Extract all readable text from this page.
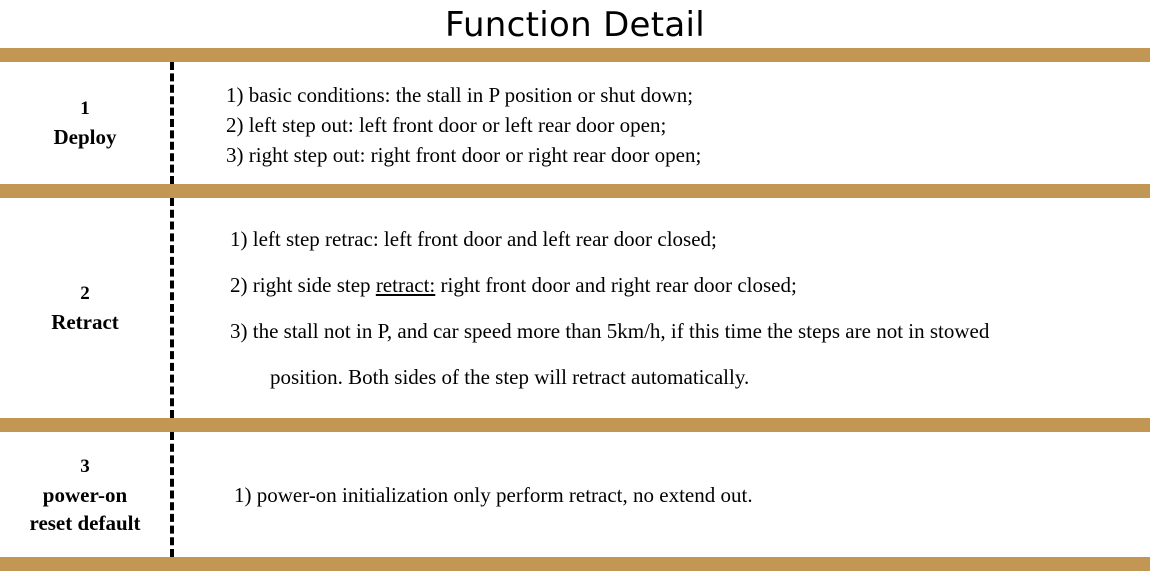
Function Detail
1
Deploy

1) basic conditions: the stall in P position or shut down;

2) left step out: left front door or left rear door open;

3) right step out: right front door or right rear door open;

2
Retract

1) left step retrac: left front door and left rear door closed;

2) right side step retract: right front door and right rear door closed;

3) the stall not in P, and car speed more than 5km/h, if this time the steps are not in stowed

position. Both sides of the step will retract automatically.

3
power-on
reset default

1) power-on initialization only perform retract, no extend out.
